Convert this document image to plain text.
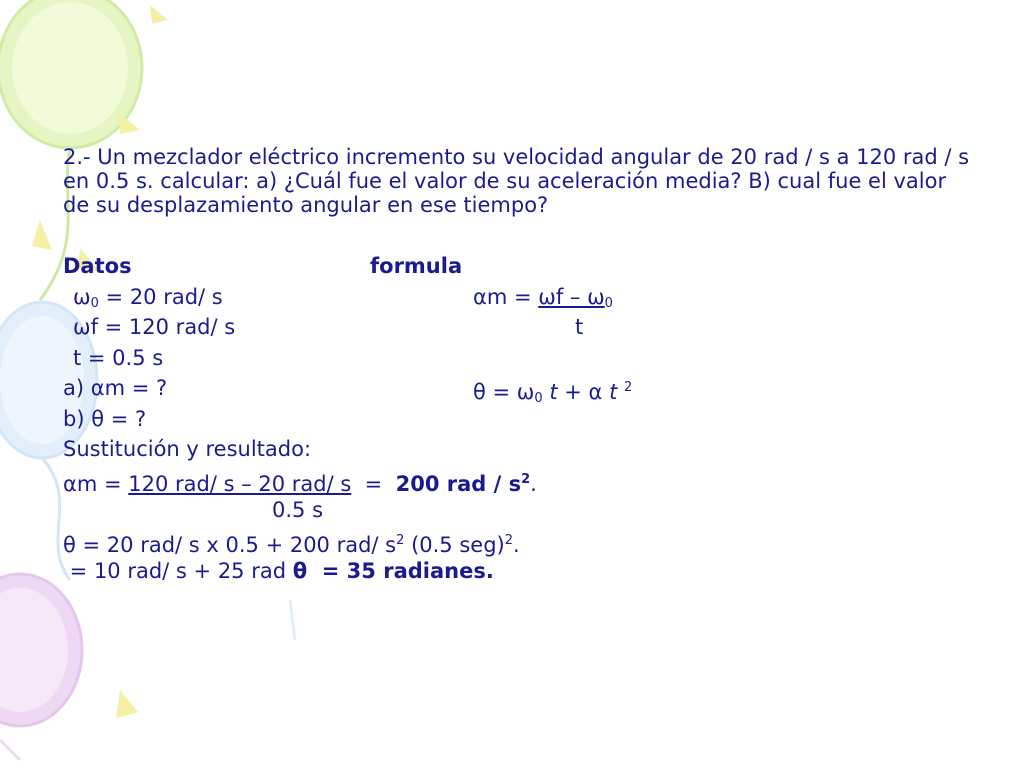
2.- Un mezclador eléctrico incremento su velocidad angular de 20 rad / s a 120 rad / s en 0.5 s. calcular: a) ¿Cuál fue el valor de su aceleración media? B) cual fue el valor de su desplazamiento angular en ese tiempo?
Datos	formula
$\omega_0 = 20$ rad/ s	$\alpha m = \omega f - \omega_0$
ωf = 120 rad/ s	t
t = 0.5 s
a) αm = ?	$\theta = \omega_0$ t + α t $^2$
b) θ = ?
Sustitución y resultado:
αm = 120 rad/ s – 20 rad/ s  =  200 rad / $s^2$.
0.5 s
θ = 20 rad/ s x 0.5 + 200 rad/ $s^2$ (0.5 seg)$^2$.
= 10 rad/ s + 25 rad θ  = 35 radianes.
